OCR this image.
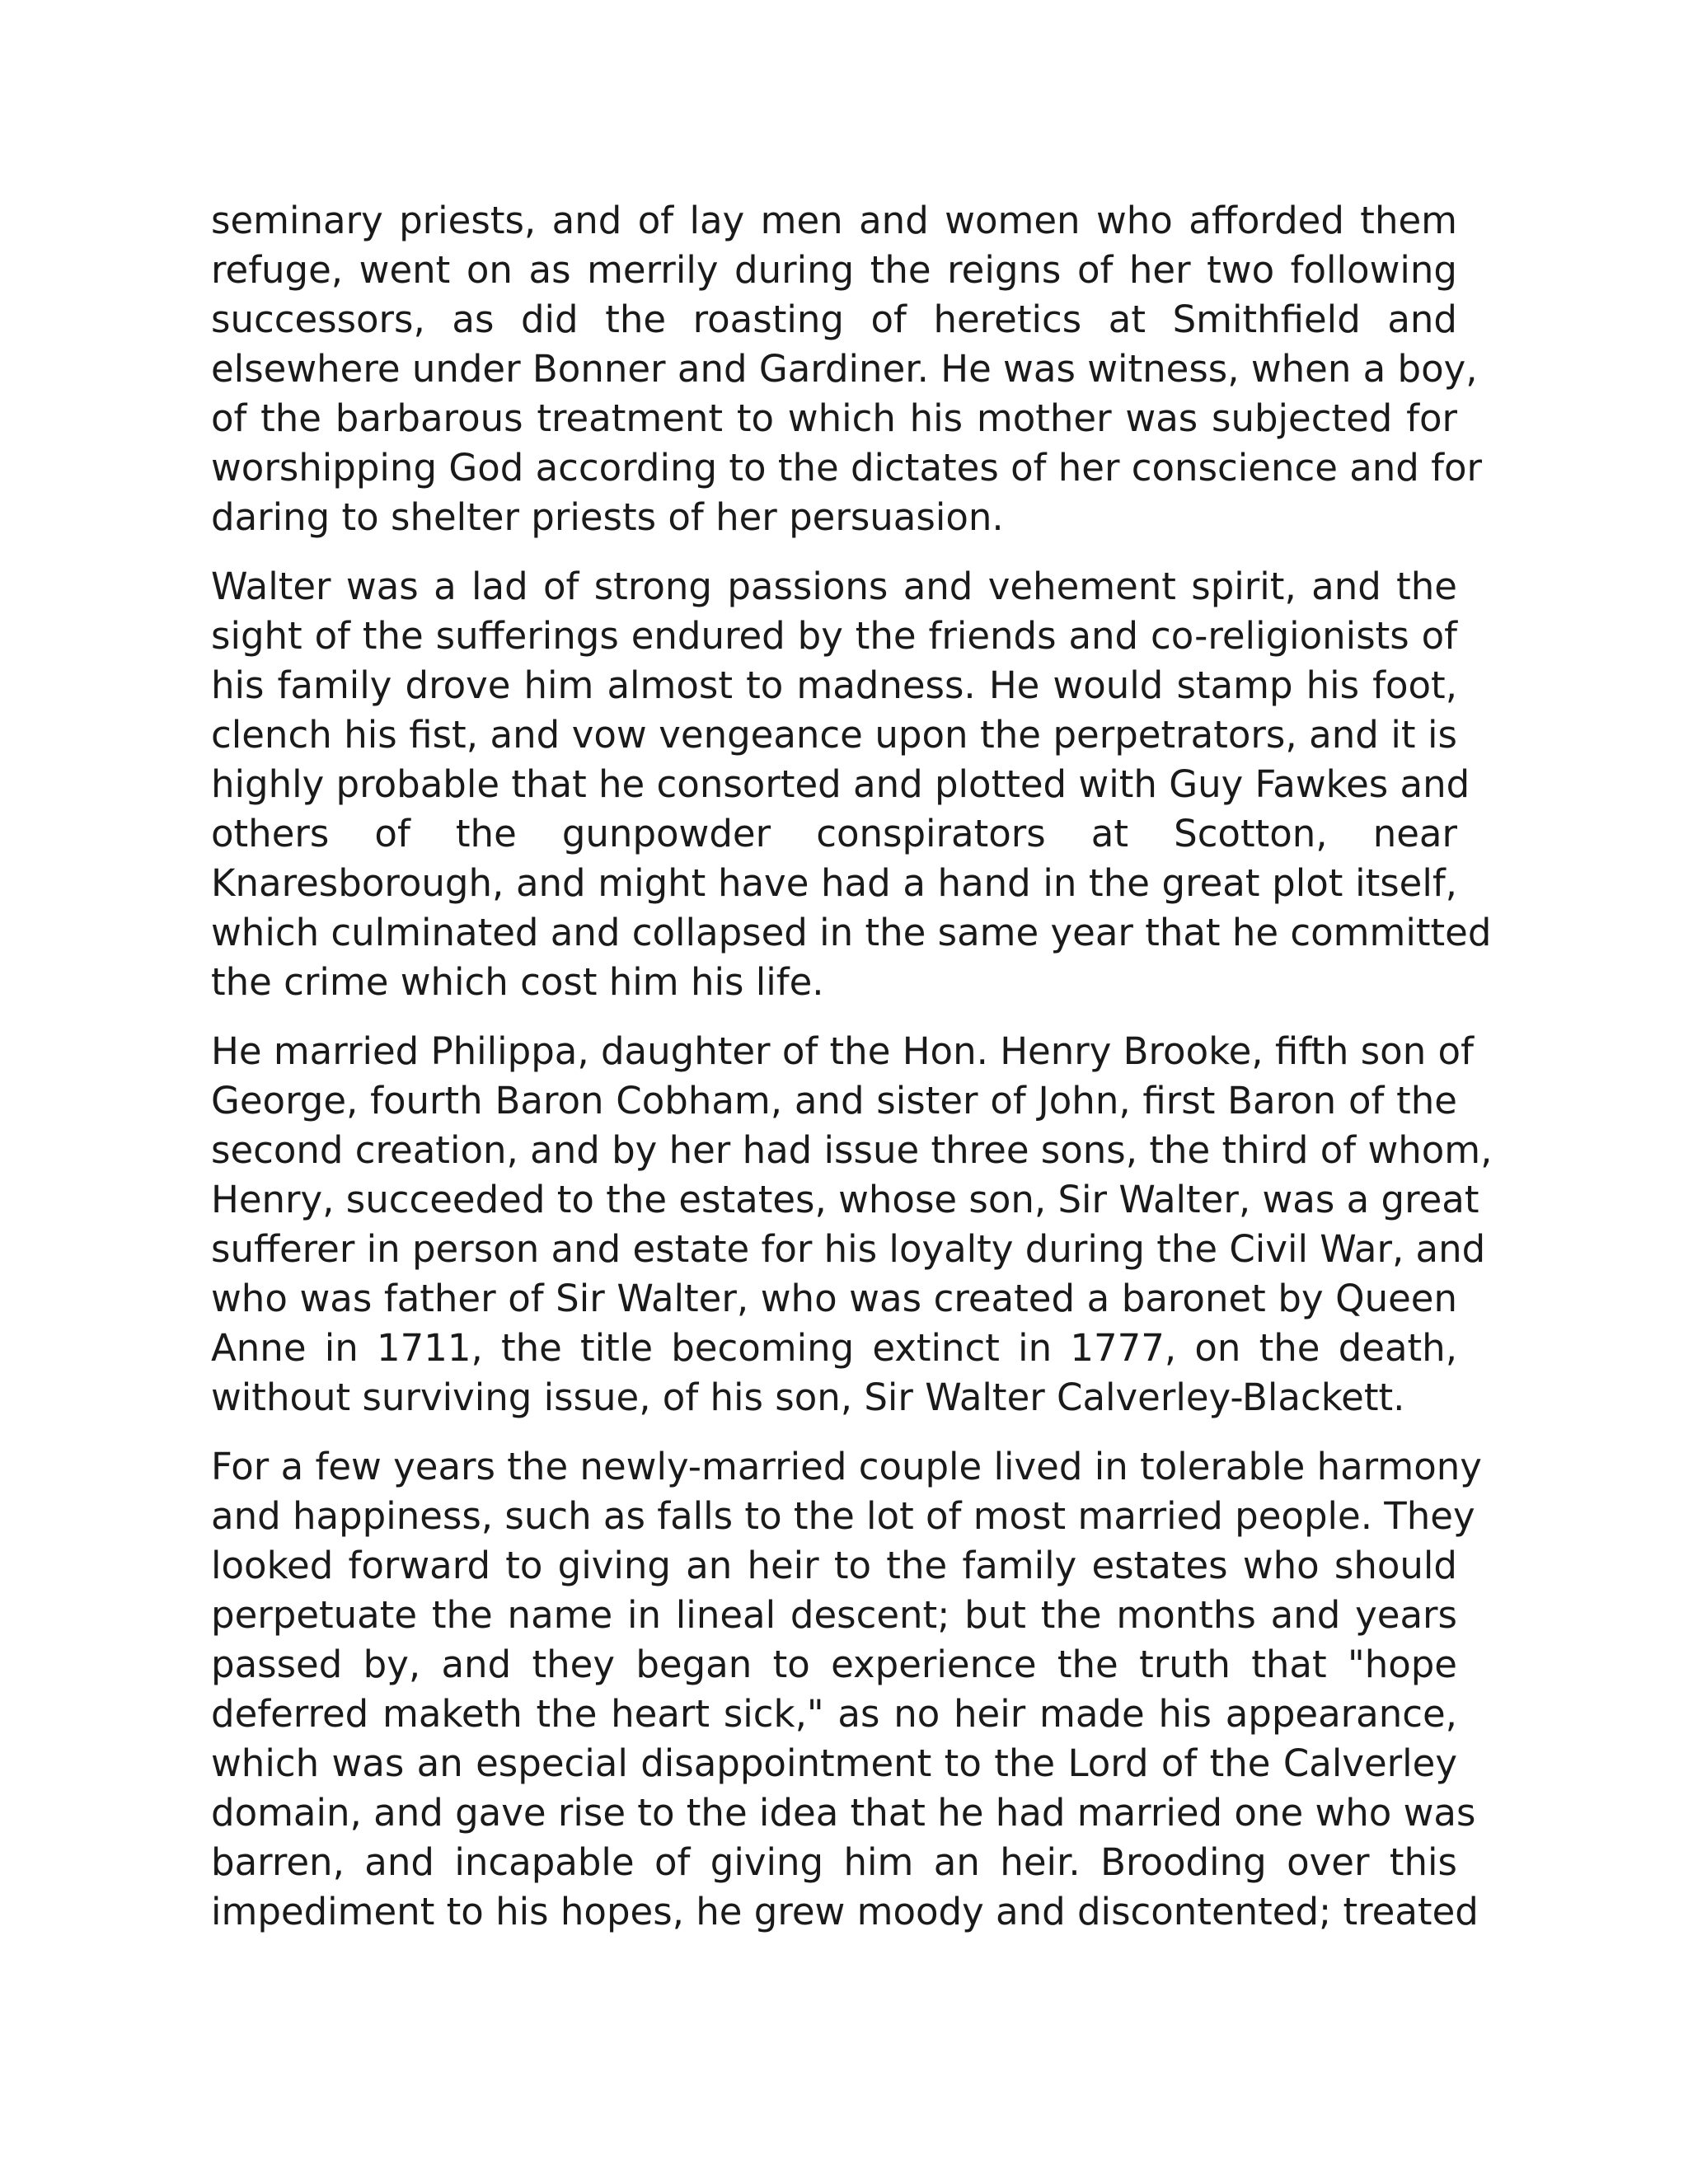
seminary priests, and of lay men and women who afforded them
refuge, went on as merrily during the reigns of her two following
successors, as did the roasting of heretics at Smithfield and
elsewhere under Bonner and Gardiner. He was witness, when a boy,
of the barbarous treatment to which his mother was subjected for
worshipping God according to the dictates of her conscience and for
daring to shelter priests of her persuasion.
Walter was a lad of strong passions and vehement spirit, and the
sight of the sufferings endured by the friends and co-religionists of
his family drove him almost to madness. He would stamp his foot,
clench his fist, and vow vengeance upon the perpetrators, and it is
highly probable that he consorted and plotted with Guy Fawkes and
others of the gunpowder conspirators at Scotton, near
Knaresborough, and might have had a hand in the great plot itself,
which culminated and collapsed in the same year that he committed
the crime which cost him his life.
He married Philippa, daughter of the Hon. Henry Brooke, fifth son of
George, fourth Baron Cobham, and sister of John, first Baron of the
second creation, and by her had issue three sons, the third of whom,
Henry, succeeded to the estates, whose son, Sir Walter, was a great
sufferer in person and estate for his loyalty during the Civil War, and
who was father of Sir Walter, who was created a baronet by Queen
Anne in 1711, the title becoming extinct in 1777, on the death,
without surviving issue, of his son, Sir Walter Calverley-Blackett.
For a few years the newly-married couple lived in tolerable harmony
and happiness, such as falls to the lot of most married people. They
looked forward to giving an heir to the family estates who should
perpetuate the name in lineal descent; but the months and years
passed by, and they began to experience the truth that "hope
deferred maketh the heart sick," as no heir made his appearance,
which was an especial disappointment to the Lord of the Calverley
domain, and gave rise to the idea that he had married one who was
barren, and incapable of giving him an heir. Brooding over this
impediment to his hopes, he grew moody and discontented; treated
